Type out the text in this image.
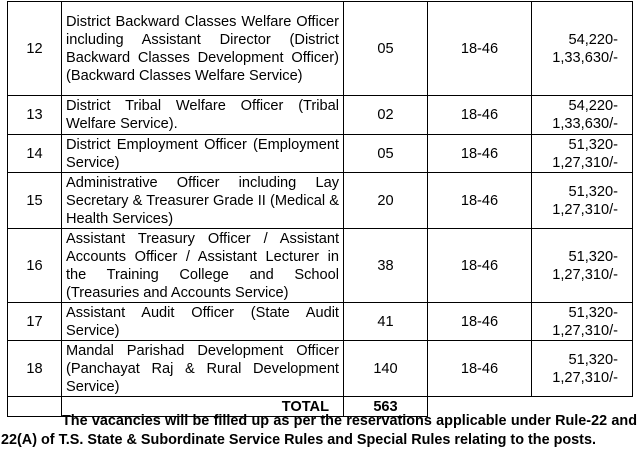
12	District Backward Classes Welfare Officer including Assistant Director (District Backward Classes Development Officer) (Backward Classes Welfare Service)	05	18-46	54,220-
1,33,630/-

13	District Tribal Welfare Officer (Tribal Welfare Service).	02	18-46	54,220-
1,33,630/-

14	District Employment Officer (Employment Service)	05	18-46	51,320-
1,27,310/-

15	Administrative Officer including Lay Secretary & Treasurer Grade II (Medical & Health Services)	20	18-46	51,320-
1,27,310/-

16	Assistant Treasury Officer / Assistant Accounts Officer / Assistant Lecturer in the Training College and School (Treasuries and Accounts Service)	38	18-46	51,320-
1,27,310/-

17	Assistant Audit Officer (State Audit Service)	41	18-46	51,320-
1,27,310/-

18	Mandal Parishad Development Officer (Panchayat Raj & Rural Development Service)	140	18-46	51,320-
1,27,310/-

	TOTAL	563		

The vacancies will be filled up as per the reservations applicable under Rule-22 and 22(A) of T.S. State & Subordinate Service Rules and Special Rules relating to the posts.
